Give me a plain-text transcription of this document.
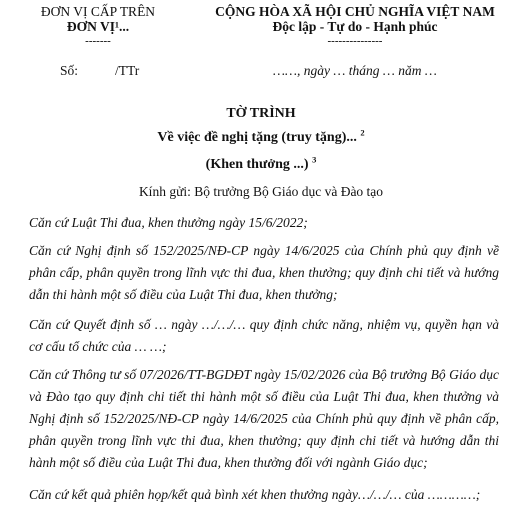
ĐƠN VỊ CẤP TRÊN
ĐƠN VỊ¹...
-------
Số:	/TTr
CỘNG HÒA XÃ HỘI CHỦ NGHĨA VIỆT NAM
Độc lập - Tự do - Hạnh phúc
---------------
……, ngày … tháng … năm …
TỜ TRÌNH
Về việc đề nghị tặng (truy tặng)... $^2$
(Khen thưởng ...) $^3$
Kính gửi: Bộ trưởng Bộ Giáo dục và Đào tạo
Căn cứ Luật Thi đua, khen thưởng ngày 15/6/2022;
Căn cứ Nghị định số 152/2025/NĐ-CP ngày 14/6/2025 của Chính phủ quy định về phân cấp, phân quyền trong lĩnh vực thi đua, khen thưởng; quy định chi tiết và hướng dẫn thi hành một số điều của Luật Thi đua, khen thưởng;
Căn cứ Quyết định số … ngày …/…/… quy định chức năng, nhiệm vụ, quyền hạn và cơ cấu tổ chức của … …;
Căn cứ Thông tư số 07/2026/TT-BGDĐT ngày 15/02/2026 của Bộ trưởng Bộ Giáo dục và Đào tạo quy định chi tiết thi hành một số điều của Luật Thi đua, khen thưởng và Nghị định số 152/2025/NĐ-CP ngày 14/6/2025 của Chính phủ quy định về phân cấp, phân quyền trong lĩnh vực thi đua, khen thưởng; quy định chi tiết và hướng dẫn thi hành một số điều của Luật Thi đua, khen thưởng đối với ngành Giáo dục;
Căn cứ kết quả phiên họp/kết quả bình xét khen thưởng ngày…/…/… của …………;
